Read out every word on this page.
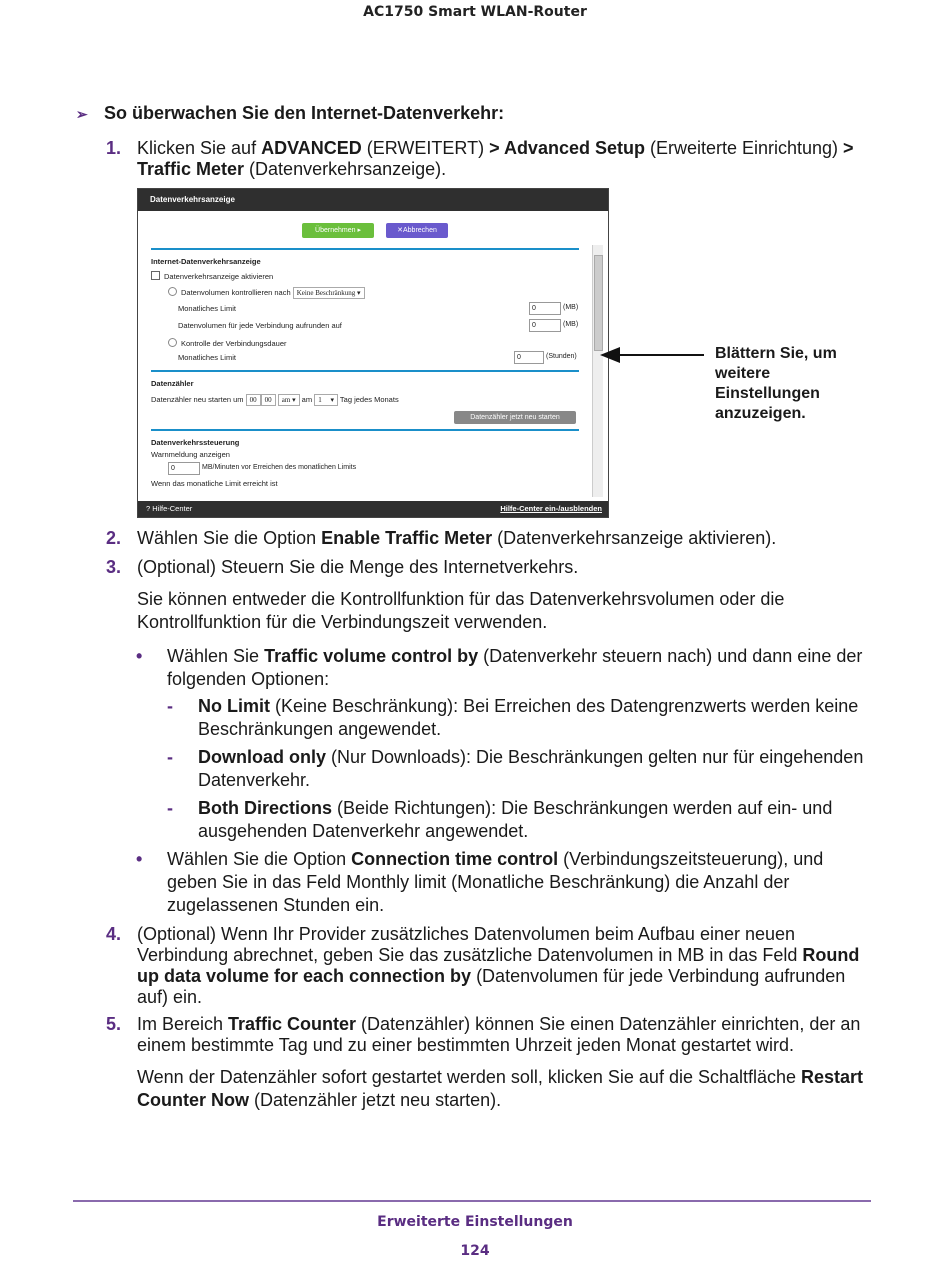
AC1750 Smart WLAN-Router
➢ So überwachen Sie den Internet-Datenverkehr:
1. Klicken Sie auf ADVANCED (ERWEITERT) > Advanced Setup (Erweiterte Einrichtung) > Traffic Meter (Datenverkehrsanzeige).
Datenverkehrsanzeige
Übernehmen ▸	✕Abbrechen
Internet-Datenverkehrsanzeige
Datenverkehrsanzeige aktivieren
Datenvolumen kontrollieren nach Keine Beschränkung ▾
Monatliches Limit	0	(MB)
Datenvolumen für jede Verbindung aufrunden auf	0	(MB)
Kontrolle der Verbindungsdauer
Monatliches Limit	0	(Stunden)
Datenzähler
Datenzähler neu starten um 00 00 am ▾ am 1     ▾ Tag jedes Monats
Datenzähler jetzt neu starten
Datenverkehrssteuerung
Warnmeldung anzeigen
0	MB/Minuten vor Erreichen des monatlichen Limits
Wenn das monatliche Limit erreicht ist
? Hilfe-Center	Hilfe-Center ein-/ausblenden
Blättern Sie, um weitere Einstellungen anzuzeigen.
2. Wählen Sie die Option Enable Traffic Meter (Datenverkehrsanzeige aktivieren).
3. (Optional) Steuern Sie die Menge des Internetverkehrs.
Sie können entweder die Kontrollfunktion für das Datenverkehrsvolumen oder die Kontrollfunktion für die Verbindungszeit verwenden.
• Wählen Sie Traffic volume control by (Datenverkehr steuern nach) und dann eine der folgenden Optionen:
- No Limit (Keine Beschränkung): Bei Erreichen des Datengrenzwerts werden keine Beschränkungen angewendet.
- Download only (Nur Downloads): Die Beschränkungen gelten nur für eingehenden Datenverkehr.
- Both Directions (Beide Richtungen): Die Beschränkungen werden auf ein- und ausgehenden Datenverkehr angewendet.
• Wählen Sie die Option Connection time control (Verbindungszeitsteuerung), und geben Sie in das Feld Monthly limit (Monatliche Beschränkung) die Anzahl der zugelassenen Stunden ein.
4. (Optional) Wenn Ihr Provider zusätzliches Datenvolumen beim Aufbau einer neuen Verbindung abrechnet, geben Sie das zusätzliche Datenvolumen in MB in das Feld Round up data volume for each connection by (Datenvolumen für jede Verbindung aufrunden auf) ein.
5. Im Bereich Traffic Counter (Datenzähler) können Sie einen Datenzähler einrichten, der an einem bestimmte Tag und zu einer bestimmten Uhrzeit jeden Monat gestartet wird.
Wenn der Datenzähler sofort gestartet werden soll, klicken Sie auf die Schaltfläche Restart Counter Now (Datenzähler jetzt neu starten).
Erweiterte Einstellungen
124
